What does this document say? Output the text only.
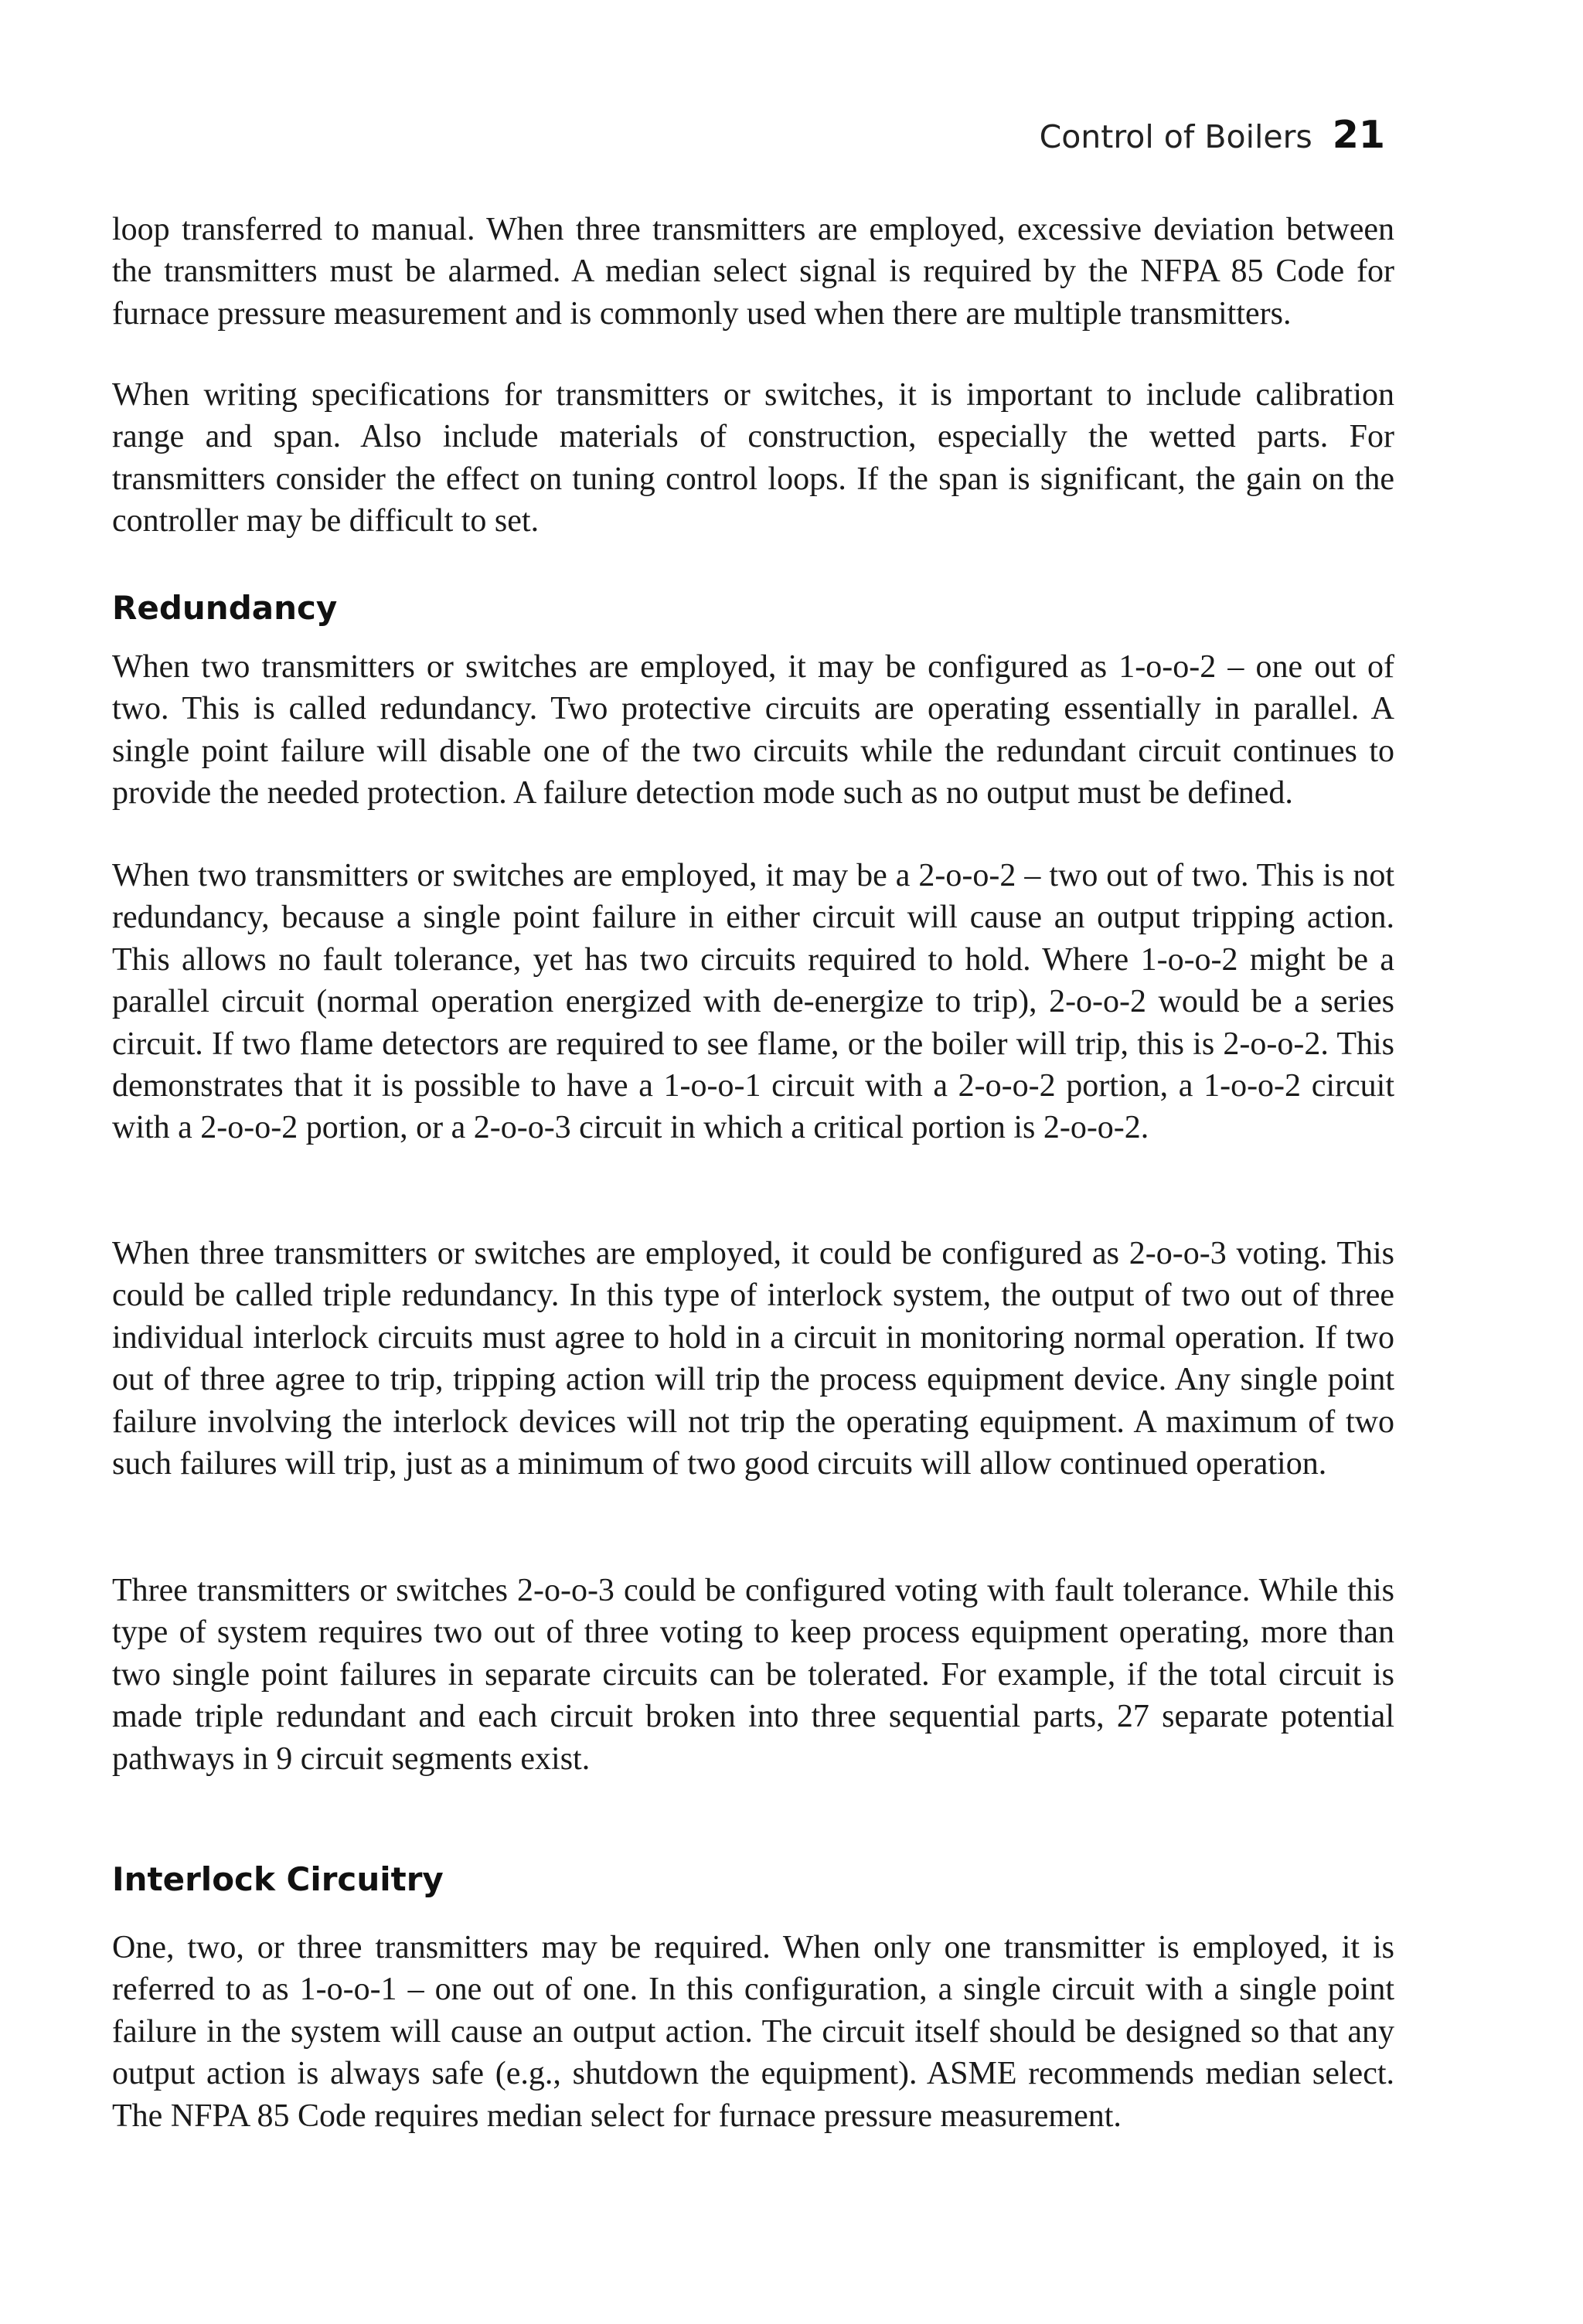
Control of Boilers 21

loop transferred to manual. When three transmitters are employed, excessive deviation between the transmitters must be alarmed. A median select signal is required by the NFPA 85 Code for furnace pressure measurement and is commonly used when there are multiple transmitters.

When writing specifications for transmitters or switches, it is important to include calibration range and span. Also include materials of construction, especially the wetted parts. For transmitters consider the effect on tuning control loops. If the span is significant, the gain on the controller may be difficult to set.

Redundancy

When two transmitters or switches are employed, it may be configured as 1-o-o-2 – one out of two. This is called redundancy. Two protective circuits are operating essentially in parallel. A single point failure will disable one of the two circuits while the redundant circuit continues to provide the needed protection. A failure detection mode such as no output must be defined.

When two transmitters or switches are employed, it may be a 2-o-o-2 – two out of two. This is not redundancy, because a single point failure in either circuit will cause an output tripping action. This allows no fault tolerance, yet has two circuits required to hold. Where 1-o-o-2 might be a parallel circuit (normal operation energized with de-energize to trip), 2-o-o-2 would be a series circuit. If two flame detectors are required to see flame, or the boiler will trip, this is 2-o-o-2. This demonstrates that it is possible to have a 1-o-o-1 circuit with a 2-o-o-2 portion, a 1-o-o-2 circuit with a 2-o-o-2 portion, or a 2-o-o-3 circuit in which a critical portion is 2-o-o-2.

When three transmitters or switches are employed, it could be configured as 2-o-o-3 voting. This could be called triple redundancy. In this type of interlock system, the output of two out of three individual interlock circuits must agree to hold in a circuit in monitoring normal operation. If two out of three agree to trip, tripping action will trip the process equipment device. Any single point failure involving the interlock devices will not trip the operating equipment. A maximum of two such failures will trip, just as a minimum of two good circuits will allow continued operation.

Three transmitters or switches 2-o-o-3 could be configured voting with fault tolerance. While this type of system requires two out of three voting to keep process equipment operating, more than two single point failures in separate circuits can be tolerated. For example, if the total circuit is made triple redundant and each circuit broken into three sequential parts, 27 separate potential pathways in 9 circuit segments exist.

Interlock Circuitry

One, two, or three transmitters may be required. When only one transmitter is employed, it is referred to as 1-o-o-1 – one out of one. In this configuration, a single circuit with a single point failure in the system will cause an output action. The circuit itself should be designed so that any output action is always safe (e.g., shutdown the equipment). ASME recommends median select. The NFPA 85 Code requires median select for furnace pressure measurement.
